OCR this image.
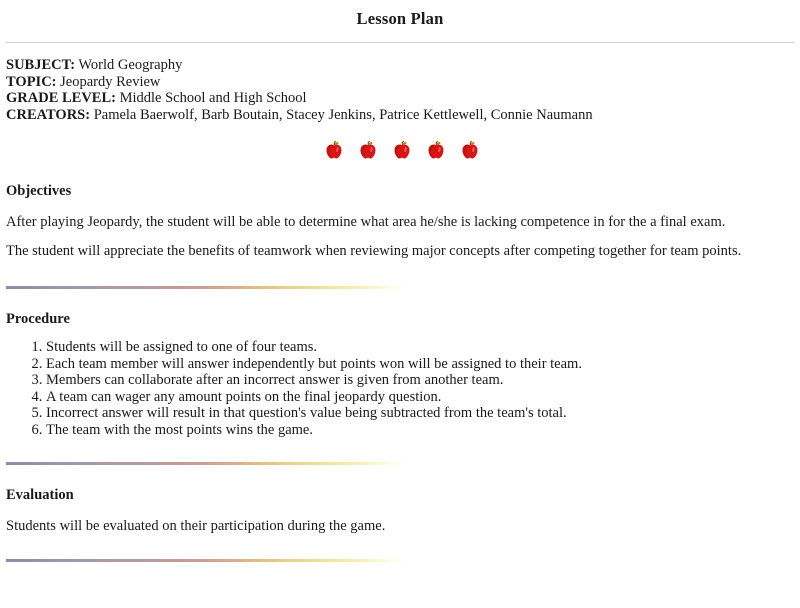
Lesson Plan
SUBJECT: World Geography
TOPIC: Jeopardy Review
GRADE LEVEL: Middle School and High School
CREATORS: Pamela Baerwolf, Barb Boutain, Stacey Jenkins, Patrice Kettlewell, Connie Naumann
Objectives

After playing Jeopardy, the student will be able to determine what area he/she is lacking competence in for the a final exam.

The student will appreciate the benefits of teamwork when reviewing major concepts after competing together for team points.

Procedure
1. Students will be assigned to one of four teams.
2. Each team member will answer independently but points won will be assigned to their team.
3. Members can collaborate after an incorrect answer is given from another team.
4. A team can wager any amount points on the final jeopardy question.
5. Incorrect answer will result in that question's value being subtracted from the team's total.
6. The team with the most points wins the game.
Evaluation

Students will be evaluated on their participation during the game.
